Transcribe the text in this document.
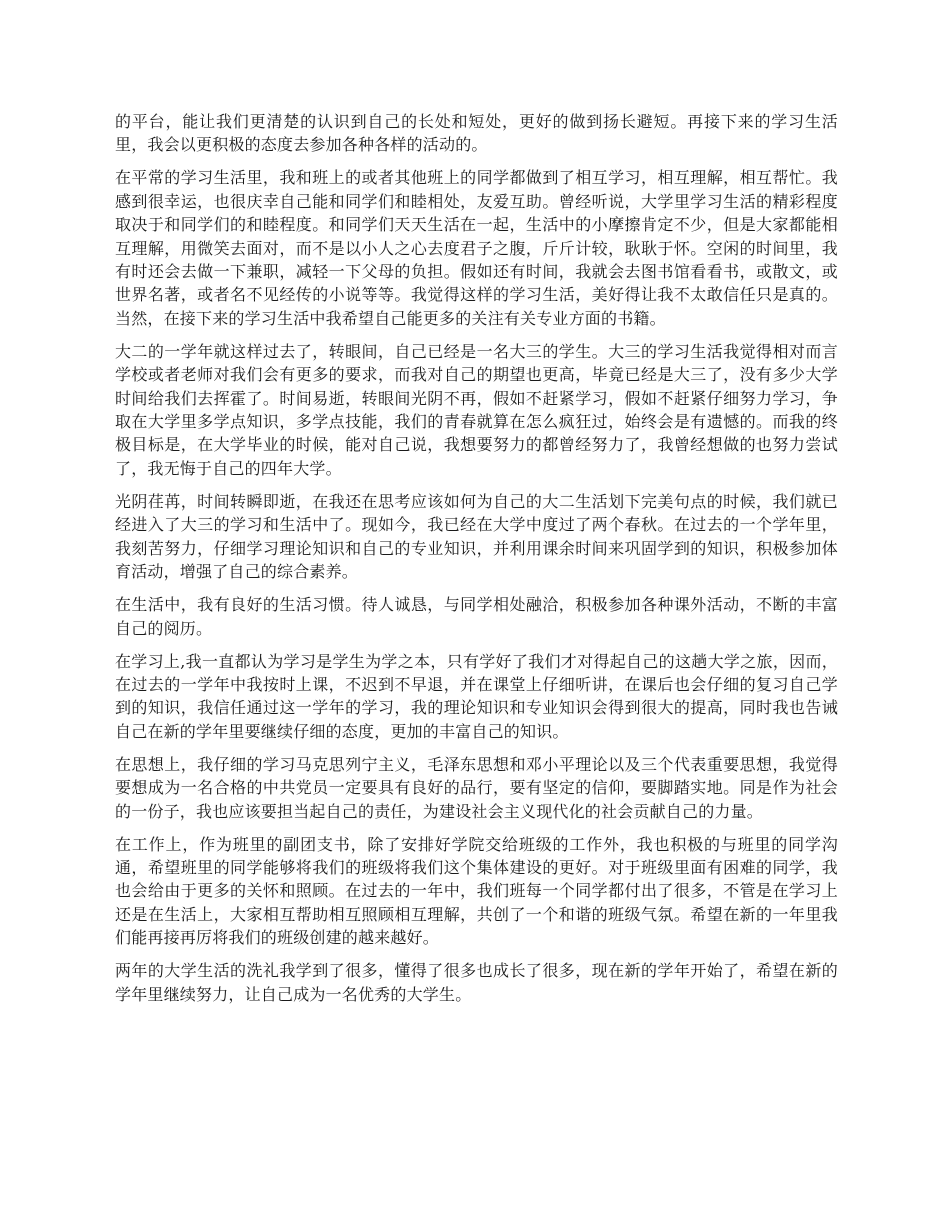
的平台，能让我们更清楚的认识到自己的长处和短处，更好的做到扬长避短。再接下来的学习生活里，我会以更积极的态度去参加各种各样的活动的。

在平常的学习生活里，我和班上的或者其他班上的同学都做到了相互学习，相互理解，相互帮忙。我感到很幸运，也很庆幸自己能和同学们和睦相处，友爱互助。曾经听说，大学里学习生活的精彩程度取决于和同学们的和睦程度。和同学们天天生活在一起，生活中的小摩擦肯定不少，但是大家都能相互理解，用微笑去面对，而不是以小人之心去度君子之腹，斤斤计较，耿耿于怀。空闲的时间里，我有时还会去做一下兼职，减轻一下父母的负担。假如还有时间，我就会去图书馆看看书，或散文，或世界名著，或者名不见经传的小说等等。我觉得这样的学习生活，美好得让我不太敢信任只是真的。当然，在接下来的学习生活中我希望自己能更多的关注有关专业方面的书籍。

大二的一学年就这样过去了，转眼间，自己已经是一名大三的学生。大三的学习生活我觉得相对而言学校或者老师对我们会有更多的要求，而我对自己的期望也更高，毕竟已经是大三了，没有多少大学时间给我们去挥霍了。时间易逝，转眼间光阴不再，假如不赶紧学习，假如不赶紧仔细努力学习，争取在大学里多学点知识，多学点技能，我们的青春就算在怎么疯狂过，始终会是有遗憾的。而我的终极目标是，在大学毕业的时候，能对自己说，我想要努力的都曾经努力了，我曾经想做的也努力尝试了，我无悔于自己的四年大学。

光阴荏苒，时间转瞬即逝，在我还在思考应该如何为自己的大二生活划下完美句点的时候，我们就已经进入了大三的学习和生活中了。现如今，我已经在大学中度过了两个春秋。在过去的一个学年里，我刻苦努力，仔细学习理论知识和自己的专业知识，并利用课余时间来巩固学到的知识，积极参加体育活动，增强了自己的综合素养。

在生活中，我有良好的生活习惯。待人诚恳，与同学相处融洽，积极参加各种课外活动，不断的丰富自己的阅历。

在学习上,我一直都认为学习是学生为学之本，只有学好了我们才对得起自己的这趟大学之旅，因而，在过去的一学年中我按时上课，不迟到不早退，并在课堂上仔细听讲，在课后也会仔细的复习自己学到的知识，我信任通过这一学年的学习，我的理论知识和专业知识会得到很大的提高，同时我也告诫自己在新的学年里要继续仔细的态度，更加的丰富自己的知识。

在思想上，我仔细的学习马克思列宁主义，毛泽东思想和邓小平理论以及三个代表重要思想，我觉得要想成为一名合格的中共党员一定要具有良好的品行，要有坚定的信仰，要脚踏实地。同是作为社会的一份子，我也应该要担当起自己的责任，为建设社会主义现代化的社会贡献自己的力量。

在工作上，作为班里的副团支书，除了安排好学院交给班级的工作外，我也积极的与班里的同学沟通，希望班里的同学能够将我们的班级将我们这个集体建设的更好。对于班级里面有困难的同学，我也会给由于更多的关怀和照顾。在过去的一年中，我们班每一个同学都付出了很多，不管是在学习上还是在生活上，大家相互帮助相互照顾相互理解，共创了一个和谐的班级气氛。希望在新的一年里我们能再接再厉将我们的班级创建的越来越好。

两年的大学生活的洗礼我学到了很多，懂得了很多也成长了很多，现在新的学年开始了，希望在新的学年里继续努力，让自己成为一名优秀的大学生。
